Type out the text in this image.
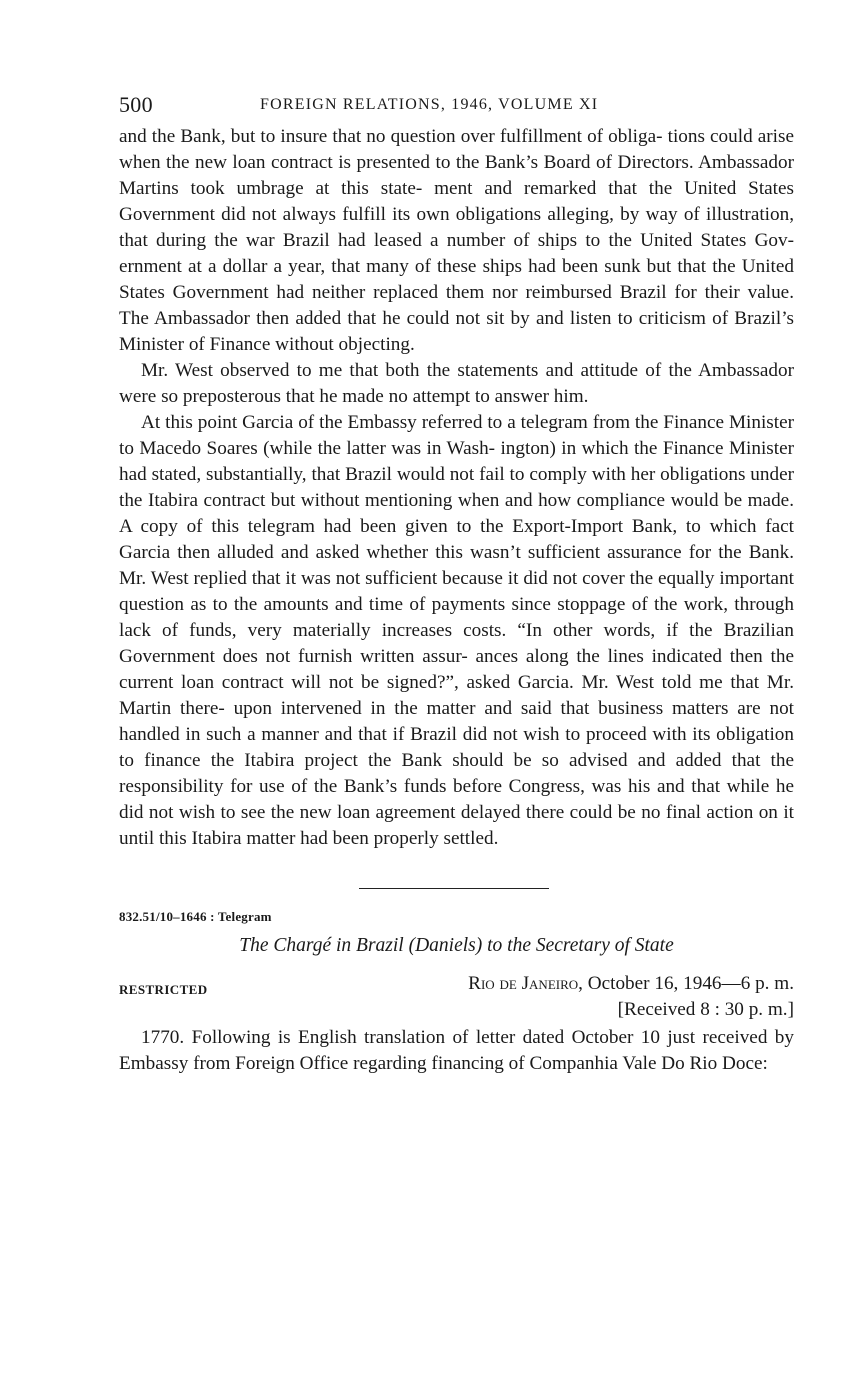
500	FOREIGN RELATIONS, 1946, VOLUME XI

and the Bank, but to insure that no question over fulfillment of obliga- tions could arise when the new loan contract is presented to the Bank’s Board of Directors. Ambassador Martins took umbrage at this state- ment and remarked that the United States Government did not always fulfill its own obligations alleging, by way of illustration, that during the war Brazil had leased a number of ships to the United States Gov- ernment at a dollar a year, that many of these ships had been sunk but that the United States Government had neither replaced them nor reimbursed Brazil for their value. The Ambassador then added that he could not sit by and listen to criticism of Brazil’s Minister of Finance without objecting.

Mr. West observed to me that both the statements and attitude of the Ambassador were so preposterous that he made no attempt to answer him.

At this point Garcia of the Embassy referred to a telegram from the Finance Minister to Macedo Soares (while the latter was in Wash- ington) in which the Finance Minister had stated, substantially, that Brazil would not fail to comply with her obligations under the Itabira contract but without mentioning when and how compliance would be made. A copy of this telegram had been given to the Export-Import Bank, to which fact Garcia then alluded and asked whether this wasn’t sufficient assurance for the Bank. Mr. West replied that it was not sufficient because it did not cover the equally important question as to the amounts and time of payments since stoppage of the work, through lack of funds, very materially increases costs. “In other words, if the Brazilian Government does not furnish written assur- ances along the lines indicated then the current loan contract will not be signed?”, asked Garcia. Mr. West told me that Mr. Martin there- upon intervened in the matter and said that business matters are not handled in such a manner and that if Brazil did not wish to proceed with its obligation to finance the Itabira project the Bank should be so advised and added that the responsibility for use of the Bank’s funds before Congress, was his and that while he did not wish to see the new loan agreement delayed there could be no final action on it until this Itabira matter had been properly settled.

832.51/10–1646 : Telegram
The Chargé in Brazil (Daniels) to the Secretary of State
RESTRICTED	Rio de Janeiro, October 16, 1946—6 p. m.
[Received 8 : 30 p. m.]

1770. Following is English translation of letter dated October 10 just received by Embassy from Foreign Office regarding financing of Companhia Vale Do Rio Doce:
